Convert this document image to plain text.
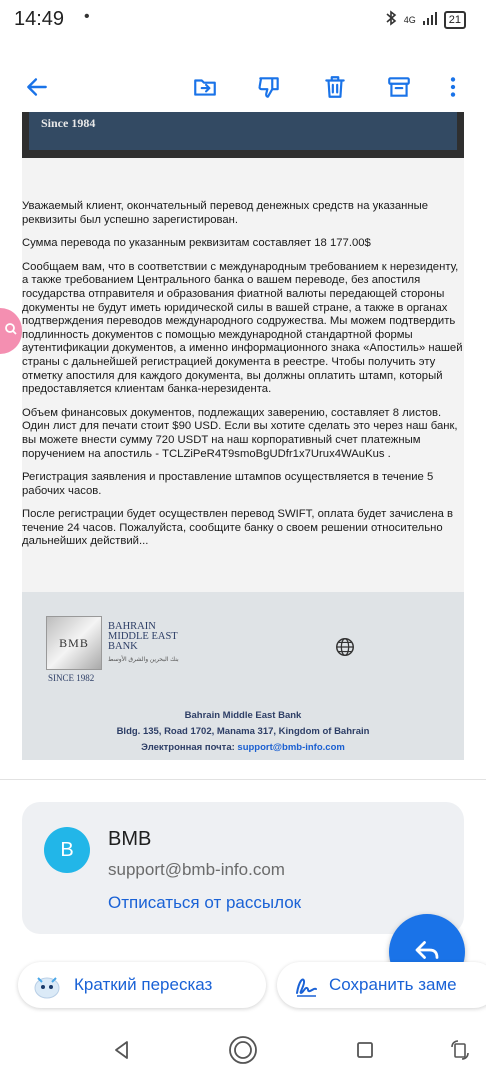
14:49 •	4G	21
Since 1984

Уважаемый клиент, окончательный перевод денежных средств на указанные реквизиты был успешно зарегистирован.

Сумма перевода по указанным реквизитам составляет 18 177.00$

Сообщаем вам, что в соответствии с международным требованием к нерезиденту, а также требованием Центрального банка о вашем переводе, без апостиля государства отправителя и образования фиатной валюты передающей стороны документы не будут иметь юридической силы в вашей стране, а также в органах подтверждения переводов международного содружества. Мы можем подтвердить подлинность документов с помощью международной стандартной формы аутентификации документов, а именно информационного знака «Апостиль» нашей страны с дальнейшей регистрацией документа в реестре. Чтобы получить эту отметку апостиля для каждого документа, вы должны оплатить штамп, который предоставляется клиентам банка-нерезидента.

Объем финансовых документов, подлежащих заверению, составляет 8 листов. Один лист для печати стоит $90 USD. Если вы хотите сделать это через наш банк, вы можете внести сумму 720 USDT на наш корпоративный счет платежным поручением на апостиль - TCLZiPeR4T9smoBgUDfr1x7Urux4WAuKus .

Регистрация заявления и проставление штампов осуществляется в течение 5 рабочих часов.

После регистрации будет осуществлен перевод SWIFT, оплата будет зачислена в течение 24 часов. Пожалуйста, сообщите банку о своем решении относительно дальнейших действий...

BMB
BAHRAIN
MIDDLE EAST
BANK
بنك البحرين والشرق الأوسط
SINCE 1982
Bahrain Middle East Bank
Bldg. 135, Road 1702, Manama 317, Kingdom of Bahrain
Электронная почта: support@bmb-info.com
B	BMB
support@bmb-info.com
Отписаться от рассылок
Краткий пересказ	Сохранить заме
